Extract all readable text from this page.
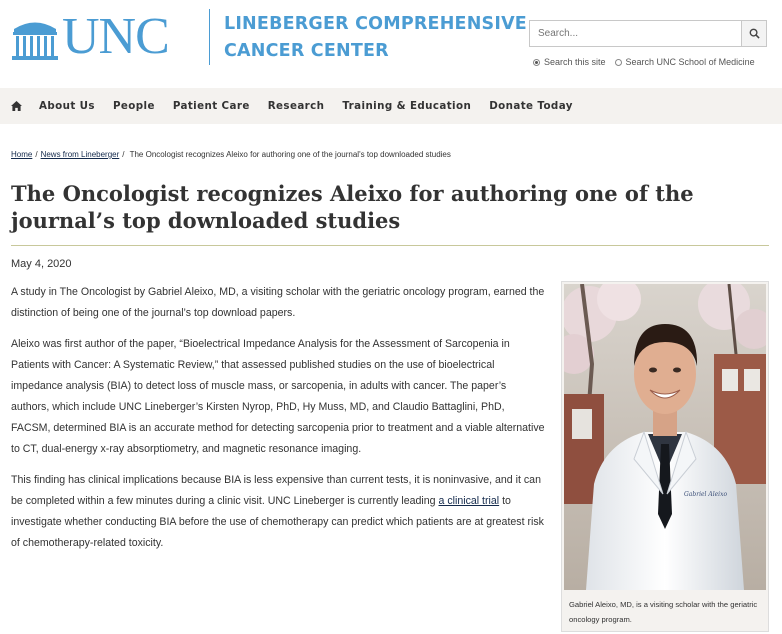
UNC	LINEBERGER COMPREHENSIVE
CANCER CENTER
Search...
Search this site Search UNC School of Medicine
About Us People Patient Care Research Training & Education Donate Today
Home / News from Lineberger / The Oncologist recognizes Aleixo for authoring one of the journal's top downloaded studies
The Oncologist recognizes Aleixo for authoring one of the journal’s top downloaded studies
May 4, 2020

A study in The Oncologist by Gabriel Aleixo, MD, a visiting scholar with the geriatric oncology program, earned the distinction of being one of the journal’s top download papers.

Aleixo was first author of the paper, “Bioelectrical Impedance Analysis for the Assessment of Sarcopenia in Patients with Cancer: A Systematic Review,” that assessed published studies on the use of bioelectrical impedance analysis (BIA) to detect loss of muscle mass, or sarcopenia, in adults with cancer. The paper’s authors, which include UNC Lineberger’s Kirsten Nyrop, PhD, Hy Muss, MD, and Claudio Battaglini, PhD, FACSM, determined BIA is an accurate method for detecting sarcopenia prior to treatment and a viable alternative to CT, dual-energy x-ray absorptiometry, and magnetic resonance imaging.

This finding has clinical implications because BIA is less expensive than current tests, it is noninvasive, and it can be completed within a few minutes during a clinic visit. UNC Lineberger is currently leading a clinical trial to investigate whether conducting BIA before the use of chemotherapy can predict which patients are at greatest risk of chemotherapy-related toxicity.

Gabriel Aleixo
Gabriel Aleixo, MD, is a visiting scholar with the geriatric oncology program.
